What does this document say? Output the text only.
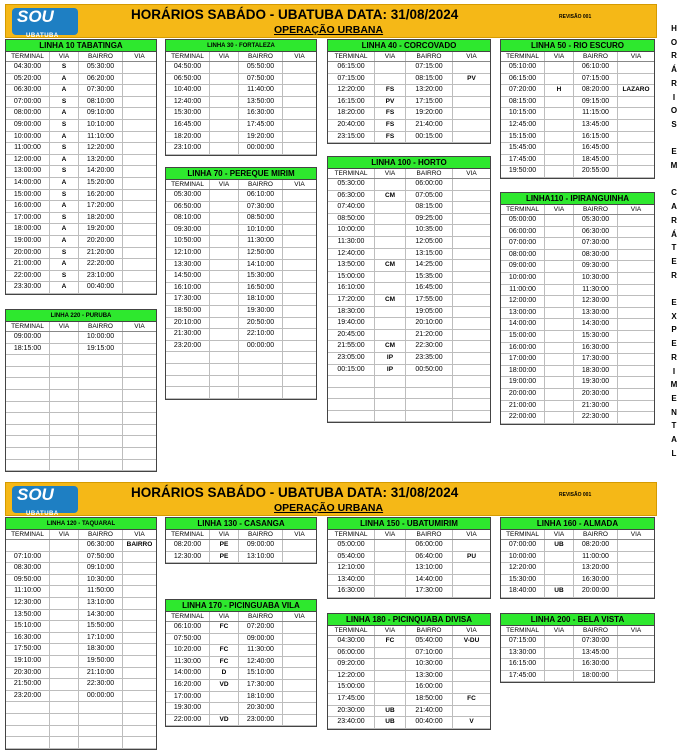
SOU
UBATUBA
HORÁRIOS SABÁDO - UBATUBA DATA: 31/08/2024
OPERAÇÃO URBANA
REVISÃO 001
SOU
UBATUBA
HORÁRIOS SABÁDO - UBATUBA DATA: 31/08/2024
OPERAÇÃO URBANA
REVISÃO 001
H
O
R
Á
R
I
O
S

E
M

C
A
R
Á
T
E
R

E
X
P
E
R
I
M
E
N
T
A
L
LINHA 10 TABATINGA
TERMINAL	VIA	BAIRRO	VIA
04:30:00	S	05:30:00
05:20:00	A	06:20:00
06:30:00	A	07:30:00
07:00:00	S	08:10:00
08:00:00	A	09:10:00
09:00:00	S	10:10:00
10:00:00	A	11:10:00
11:00:00	S	12:20:00
12:00:00	A	13:20:00
13:00:00	S	14:20:00
14:00:00	A	15:20:00
15:00:00	S	16:20:00
16:00:00	A	17:20:00
17:00:00	S	18:20:00
18:00:00	A	19:20:00
19:00:00	A	20:20:00
20:00:00	S	21:20:00
21:00:00	A	22:20:00
22:00:00	S	23:10:00
23:30:00	A	00:40:00
LINHA 220 - PURUBA
TERMINAL	VIA	BAIRRO	VIA
09:00:00	10:00:00
18:15:00	19:15:00
LINHA 30 - FORTALEZA
TERMINAL	VIA	BAIRRO	VIA
04:50:00	05:50:00
06:50:00	07:50:00
10:40:00	11:40:00
12:40:00	13:50:00
15:30:00	16:30:00
16:45:00	17:45:00
18:20:00	19:20:00
23:10:00	00:00:00
LINHA 70 - PEREQUE MIRIM
TERMINAL	VIA	BAIRRO	VIA
05:30:00	06:10:00
06:50:00	07:30:00
08:10:00	08:50:00
09:30:00	10:10:00
10:50:00	11:30:00
12:10:00	12:50:00
13:30:00	14:10:00
14:50:00	15:30:00
16:10:00	16:50:00
17:30:00	18:10:00
18:50:00	19:30:00
20:10:00	20:50:00
21:30:00	22:10:00
23:20:00	00:00:00
LINHA 40 - CORCOVADO
TERMINAL	VIA	BAIRRO	VIA
06:15:00	07:15:00
07:15:00	08:15:00	PV
12:20:00	FS	13:20:00
16:15:00	PV	17:15:00
18:20:00	FS	19:20:00
20:40:00	FS	21:40:00
23:15:00	FS	00:15:00
LINHA 100 - HORTO
TERMINAL	VIA	BAIRRO	VIA
05:30:00	06:00:00
06:30:00	CM	07:05:00
07:40:00	08:15:00
08:50:00	09:25:00
10:00:00	10:35:00
11:30:00	12:05:00
12:40:00	13:15:00
13:50:00	CM	14:25:00
15:00:00	15:35:00
16:10:00	16:45:00
17:20:00	CM	17:55:00
18:30:00	19:05:00
19:40:00	20:10:00
20:45:00	21:20:00
21:55:00	CM	22:30:00
23:05:00	IP	23:35:00
00:15:00	IP	00:50:00
LINHA 50 - RIO ESCURO
TERMINAL	VIA	BAIRRO	VIA
05:10:00	06:10:00
06:15:00	07:15:00
07:20:00	H	08:20:00	LAZARO
08:15:00	09:15:00
10:15:00	11:15:00
12:45:00	13:45:00
15:15:00	16:15:00
15:45:00	16:45:00
17:45:00	18:45:00
19:50:00	20:55:00
LINHA110 - IPIRANGUINHA
TERMINAL	VIA	BAIRRO	VIA
05:00:00	05:30:00
06:00:00	06:30:00
07:00:00	07:30:00
08:00:00	08:30:00
09:00:00	09:30:00
10:00:00	10:30:00
11:00:00	11:30:00
12:00:00	12:30:00
13:00:00	13:30:00
14:00:00	14:30:00
15:00:00	15:30:00
16:00:00	16:30:00
17:00:00	17:30:00
18:00:00	18:30:00
19:00:00	19:30:00
20:00:00	20:30:00
21:00:00	21:30:00
22:00:00	22:30:00
LINHA 120 - TAQUARAL
TERMINAL	VIA	BAIRRO	VIA
06:30:00	BAIRRO
07:10:00	07:50:00
08:30:00	09:10:00
09:50:00	10:30:00
11:10:00	11:50:00
12:30:00	13:10:00
13:50:00	14:30:00
15:10:00	15:50:00
16:30:00	17:10:00
17:50:00	18:30:00
19:10:00	19:50:00
20:30:00	21:10:00
21:50:00	22:30:00
23:20:00	00:00:00
LINHA 130 - CASANGA
TERMINAL	VIA	BAIRRO	VIA
08:20:00	PE	09:00:00
12:30:00	PE	13:10:00
LINHA 170 - PICINGUABA VILA
TERMINAL	VIA	BAIRRO	VIA
06:10:00	FC	07:20:00
07:50:00	09:00:00
10:20:00	FC	11:30:00
11:30:00	FC	12:40:00
14:00:00	D	15:10:00
16:20:00	VD	17:30:00
17:00:00	18:10:00
19:30:00	20:30:00
22:00:00	VD	23:00:00
LINHA 150 - UBATUMIRIM
TERMINAL	VIA	BAIRRO	VIA
05:00:00	06:00:00
05:40:00	06:40:00	PU
12:10:00	13:10:00
13:40:00	14:40:00
16:30:00	17:30:00
LINHA 180 - PICINQUABA DIVISA
TERMINAL	VIA	BAIRRO	VIA
04:30:00	FC	05:40:00	V-DU
06:00:00	07:10:00
09:20:00	10:30:00
12:20:00	13:30:00
15:00:00	16:00:00
17:45:00	18:50:00	FC
20:30:00	UB	21:40:00
23:40:00	UB	00:40:00	V
LINHA 160 - ALMADA
TERMINAL	VIA	BAIRRO	VIA
07:00:00	UB	08:20:00
10:00:00	11:00:00
12:20:00	13:20:00
15:30:00	16:30:00
18:40:00	UB	20:00:00
LINHA 200 - BELA VISTA
TERMINAL	VIA	BAIRRO	VIA
07:15:00	07:30:00
13:30:00	13:45:00
16:15:00	16:30:00
17:45:00	18:00:00
